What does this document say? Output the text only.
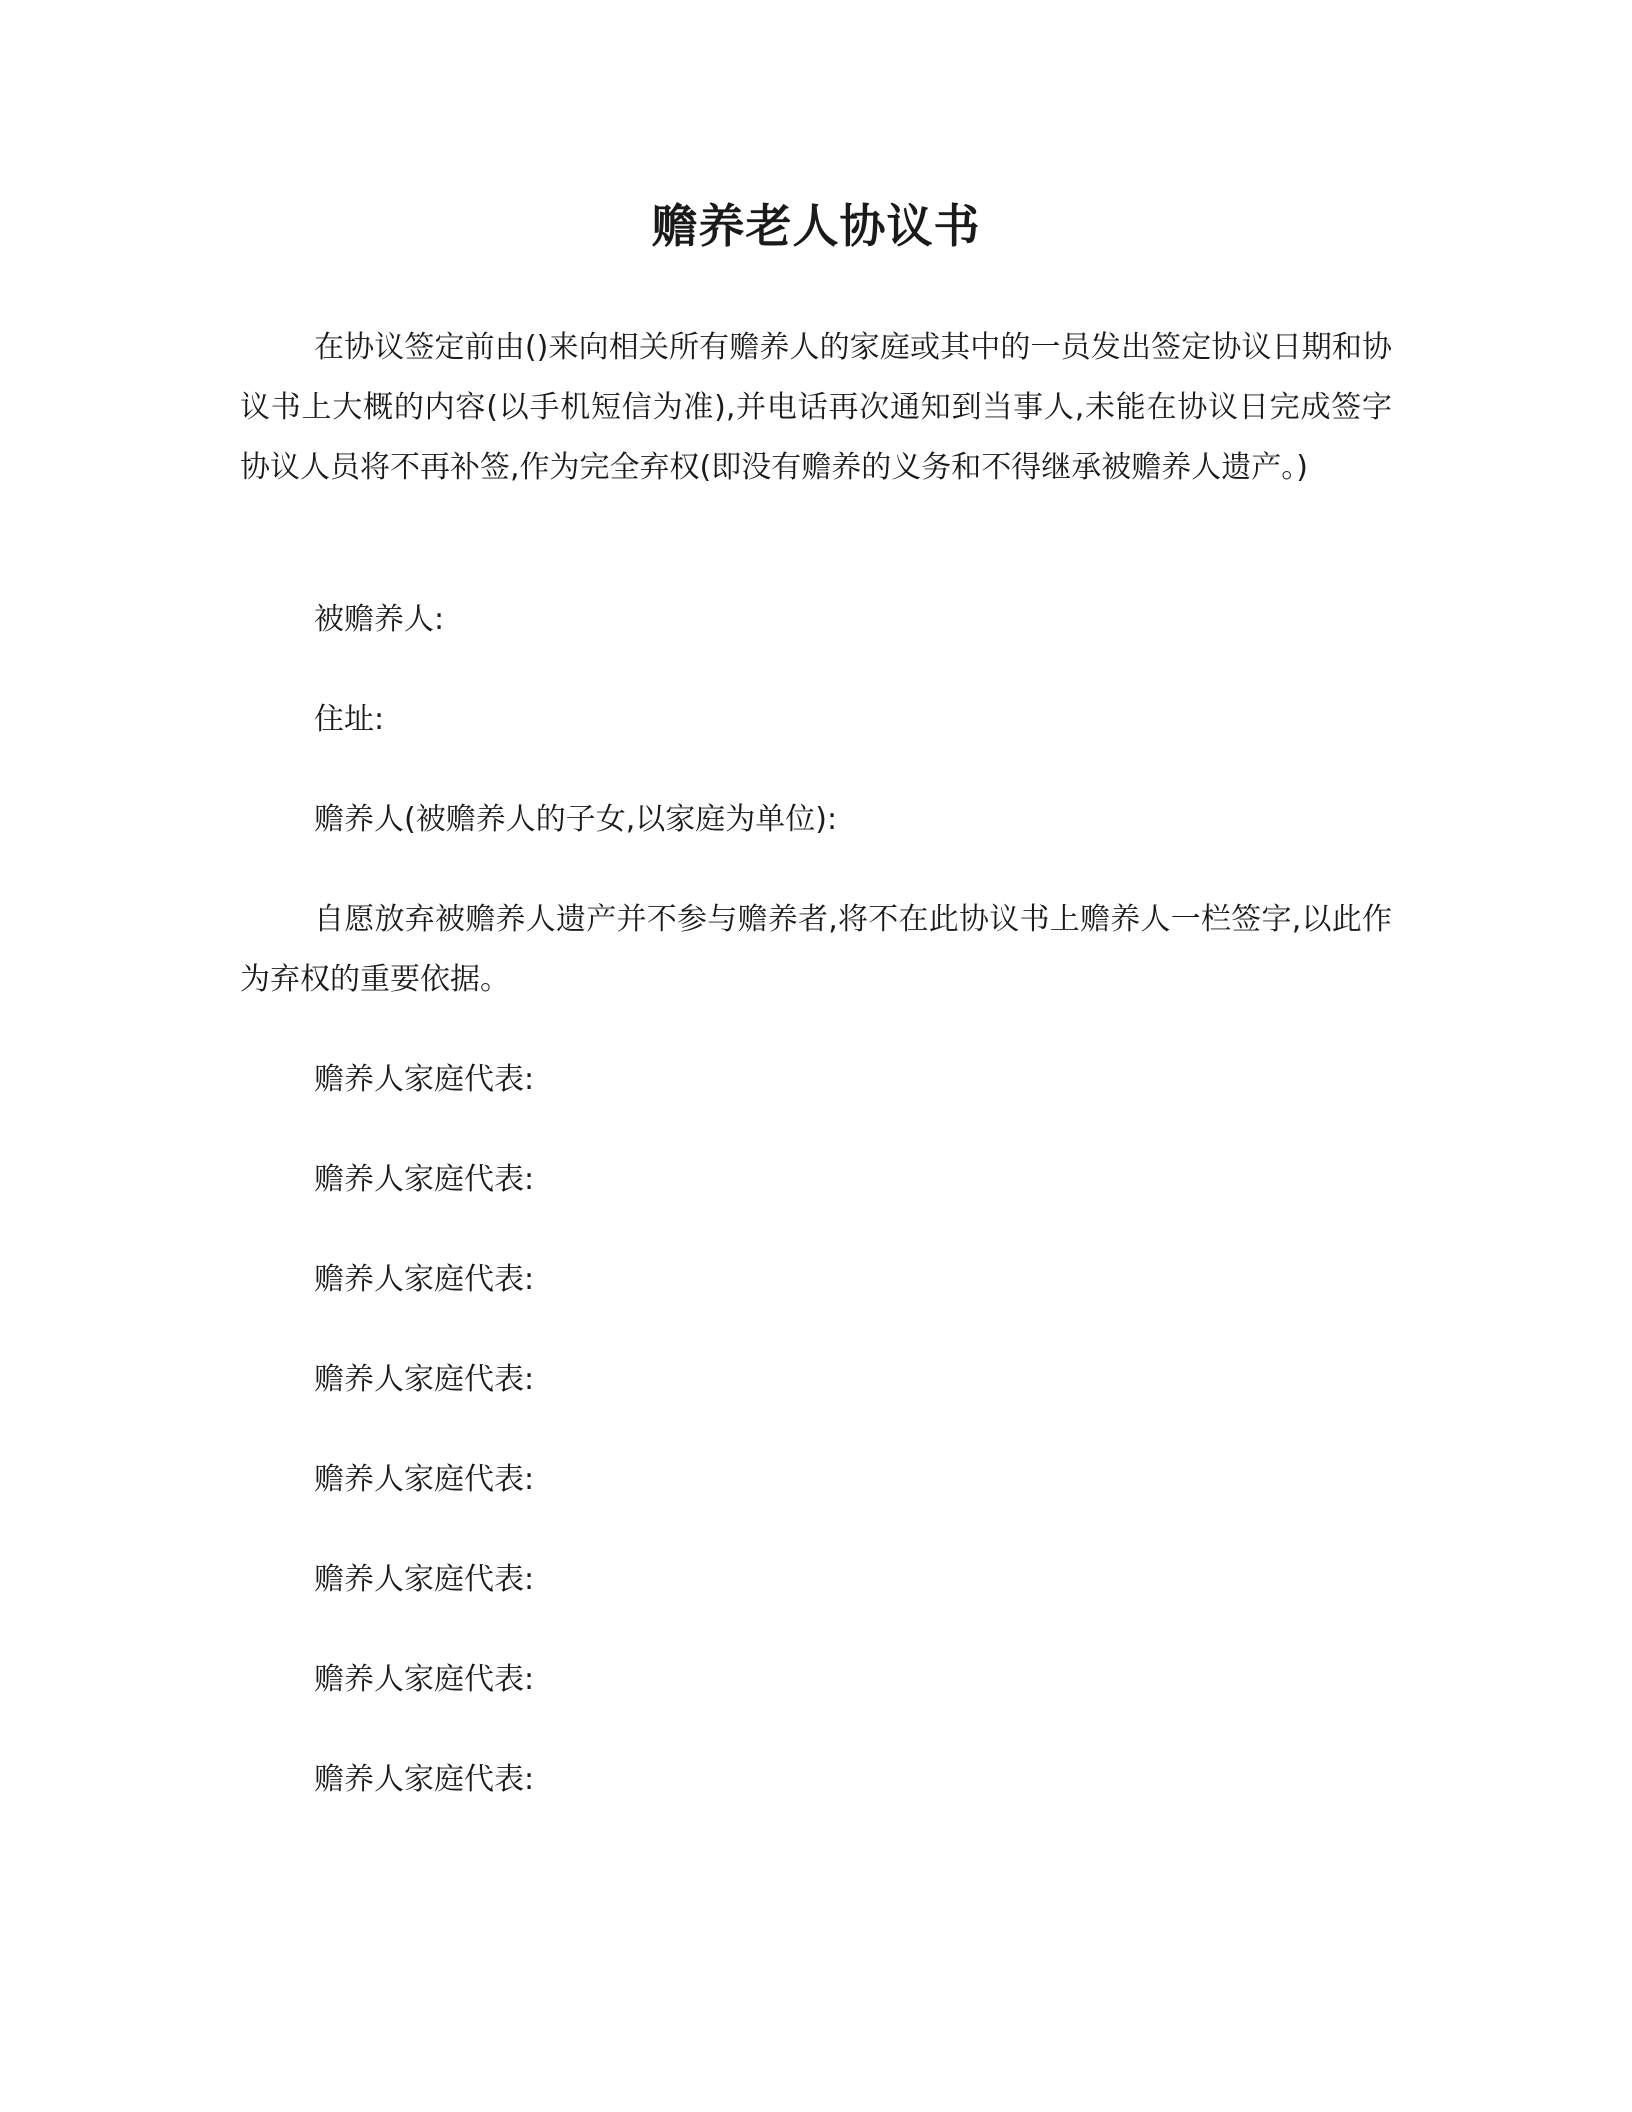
赡养老人协议书

在协议签定前由()来向相关所有赡养人的家庭或其中的一员发出签定协议日期和协议书上大概的内容(以手机短信为准),并电话再次通知到当事人,未能在协议日完成签字协议人员将不再补签,作为完全弃权(即没有赡养的义务和不得继承被赡养人遗产。)

被赡养人:

住址:

赡养人(被赡养人的子女,以家庭为单位):

自愿放弃被赡养人遗产并不参与赡养者,将不在此协议书上赡养人一栏签字,以此作为弃权的重要依据。

赡养人家庭代表:

赡养人家庭代表:

赡养人家庭代表:

赡养人家庭代表:

赡养人家庭代表:

赡养人家庭代表:

赡养人家庭代表:

赡养人家庭代表:
